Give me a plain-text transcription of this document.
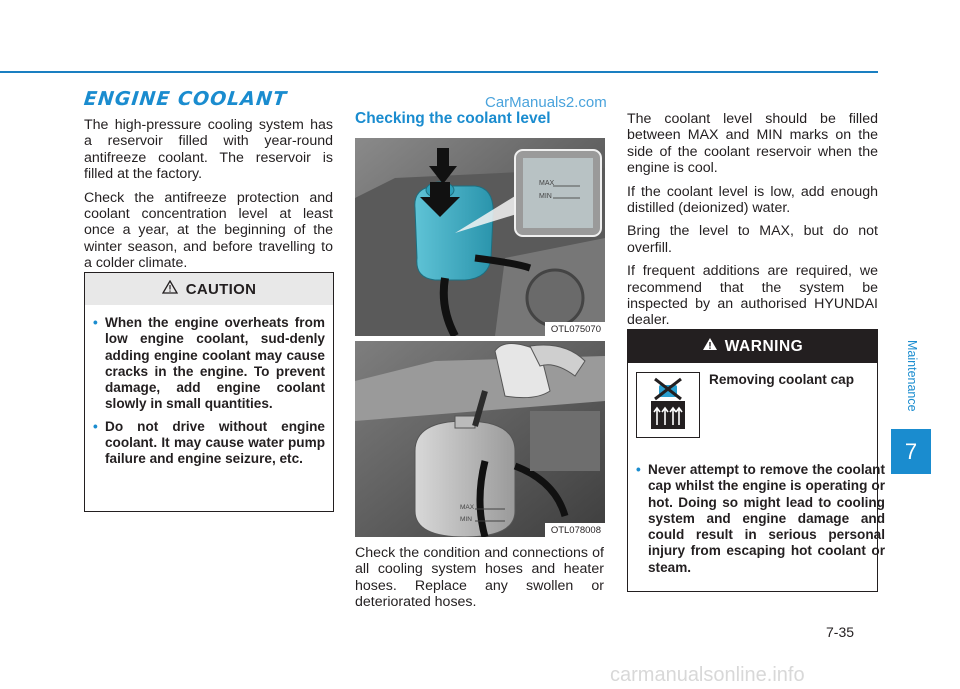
ENGINE COOLANT	CarManuals2.com

The high-pressure cooling system has a reservoir filled with year-round antifreeze coolant. The reservoir is filled at the factory.

Check the antifreeze protection and coolant concentration level at least once a year, at the beginning of the winter season, and before travelling to a colder climate.

CAUTION
• When the engine overheats from low engine coolant, sud-denly adding engine coolant may cause cracks in the engine. To prevent damage, add engine coolant slowly in small quantities.
• Do not drive without engine coolant. It may cause water pump failure and engine seizure, etc.
Checking the coolant level
MAX
MIN
OTL075070
MAX
MIN
OTL078008

Check the condition and connections of all cooling system hoses and heater hoses. Replace any swollen or deteriorated hoses.

The coolant level should be filled between MAX and MIN marks on the side of the coolant reservoir when the engine is cool.

If the coolant level is low, add enough distilled (deionized) water.

Bring the level to MAX, but do not overfill.

If frequent additions are required, we recommend that the system be inspected by an authorised HYUNDAI dealer.

WARNING
Removing coolant cap
• Never attempt to remove the coolant cap whilst the engine is operating or hot. Doing so might lead to cooling system and engine damage and could result in serious personal injury from escaping hot coolant or steam.
Maintenance
7
7-35
carmanualsonline.info
